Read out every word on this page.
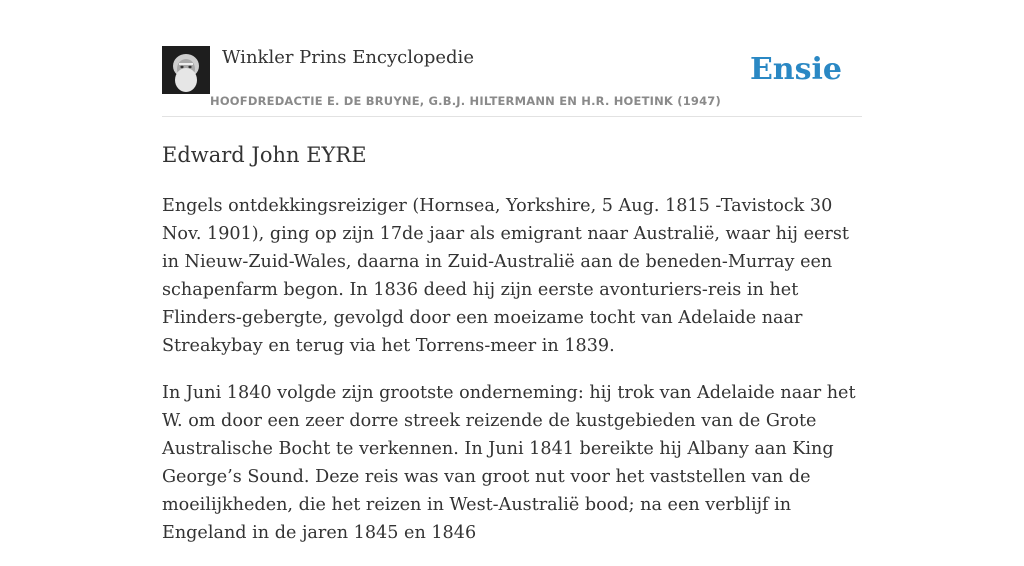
Winkler Prins Encyclopedie
HOOFDREDACTIE E. DE BRUYNE, G.B.J. HILTERMANN EN H.R. HOETINK (1947)
Ensie
Edward John EYRE

Engels ontdekkingsreiziger (Hornsea, Yorkshire, 5 Aug. 1815 -Tavistock 30 Nov. 1901), ging op zijn 17de jaar als emigrant naar Australië, waar hij eerst in Nieuw-Zuid-Wales, daarna in Zuid-Australië aan de beneden-Murray een schapenfarm begon. In 1836 deed hij zijn eerste avonturiers-reis in het Flinders-gebergte, gevolgd door een moeizame tocht van Adelaide naar Streakybay en terug via het Torrens-meer in 1839.

In Juni 1840 volgde zijn grootste onderneming: hij trok van Adelaide naar het W. om door een zeer dorre streek reizende de kustgebieden van de Grote Australische Bocht te verkennen. In Juni 1841 bereikte hij Albany aan King George’s Sound. Deze reis was van groot nut voor het vaststellen van de moeilijkheden, die het reizen in West-Australië bood; na een verblijf in Engeland in de jaren 1845 en 1846
